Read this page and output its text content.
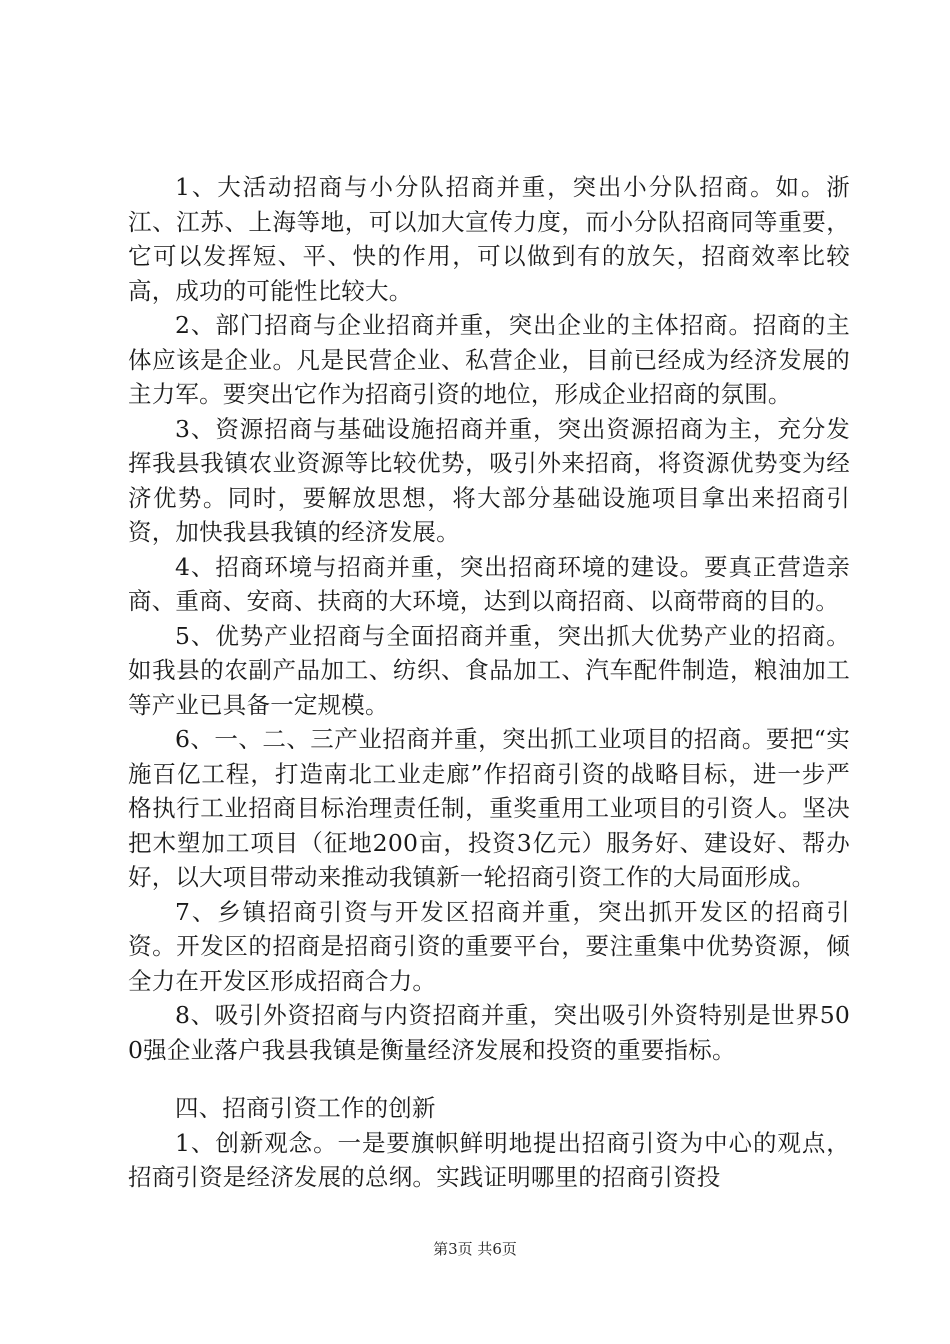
1、大活动招商与小分队招商并重，突出小分队招商。如。浙江、江苏、上海等地，可以加大宣传力度，而小分队招商同等重要，它可以发挥短、平、快的作用，可以做到有的放矢，招商效率比较高，成功的可能性比较大。

2、部门招商与企业招商并重，突出企业的主体招商。招商的主体应该是企业。凡是民营企业、私营企业，目前已经成为经济发展的主力军。要突出它作为招商引资的地位，形成企业招商的氛围。

3、资源招商与基础设施招商并重，突出资源招商为主，充分发挥我县我镇农业资源等比较优势，吸引外来招商，将资源优势变为经济优势。同时，要解放思想，将大部分基础设施项目拿出来招商引资，加快我县我镇的经济发展。

4、招商环境与招商并重，突出招商环境的建设。要真正营造亲商、重商、安商、扶商的大环境，达到以商招商、以商带商的目的。

5、优势产业招商与全面招商并重，突出抓大优势产业的招商。如我县的农副产品加工、纺织、食品加工、汽车配件制造，粮油加工等产业已具备一定规模。

6、一、二、三产业招商并重，突出抓工业项目的招商。要把“实施百亿工程，打造南北工业走廊”作招商引资的战略目标，进一步严格执行工业招商目标治理责任制，重奖重用工业项目的引资人。坚决把木塑加工项目（征地200亩，投资3亿元）服务好、建设好、帮办好，以大项目带动来推动我镇新一轮招商引资工作的大局面形成。

7、乡镇招商引资与开发区招商并重，突出抓开发区的招商引资。开发区的招商是招商引资的重要平台，要注重集中优势资源，倾全力在开发区形成招商合力。

8、吸引外资招商与内资招商并重，突出吸引外资特别是世界500强企业落户我县我镇是衡量经济发展和投资的重要指标。

四、招商引资工作的创新

1、创新观念。一是要旗帜鲜明地提出招商引资为中心的观点，招商引资是经济发展的总纲。实践证明哪里的招商引资投

第3页 共6页
